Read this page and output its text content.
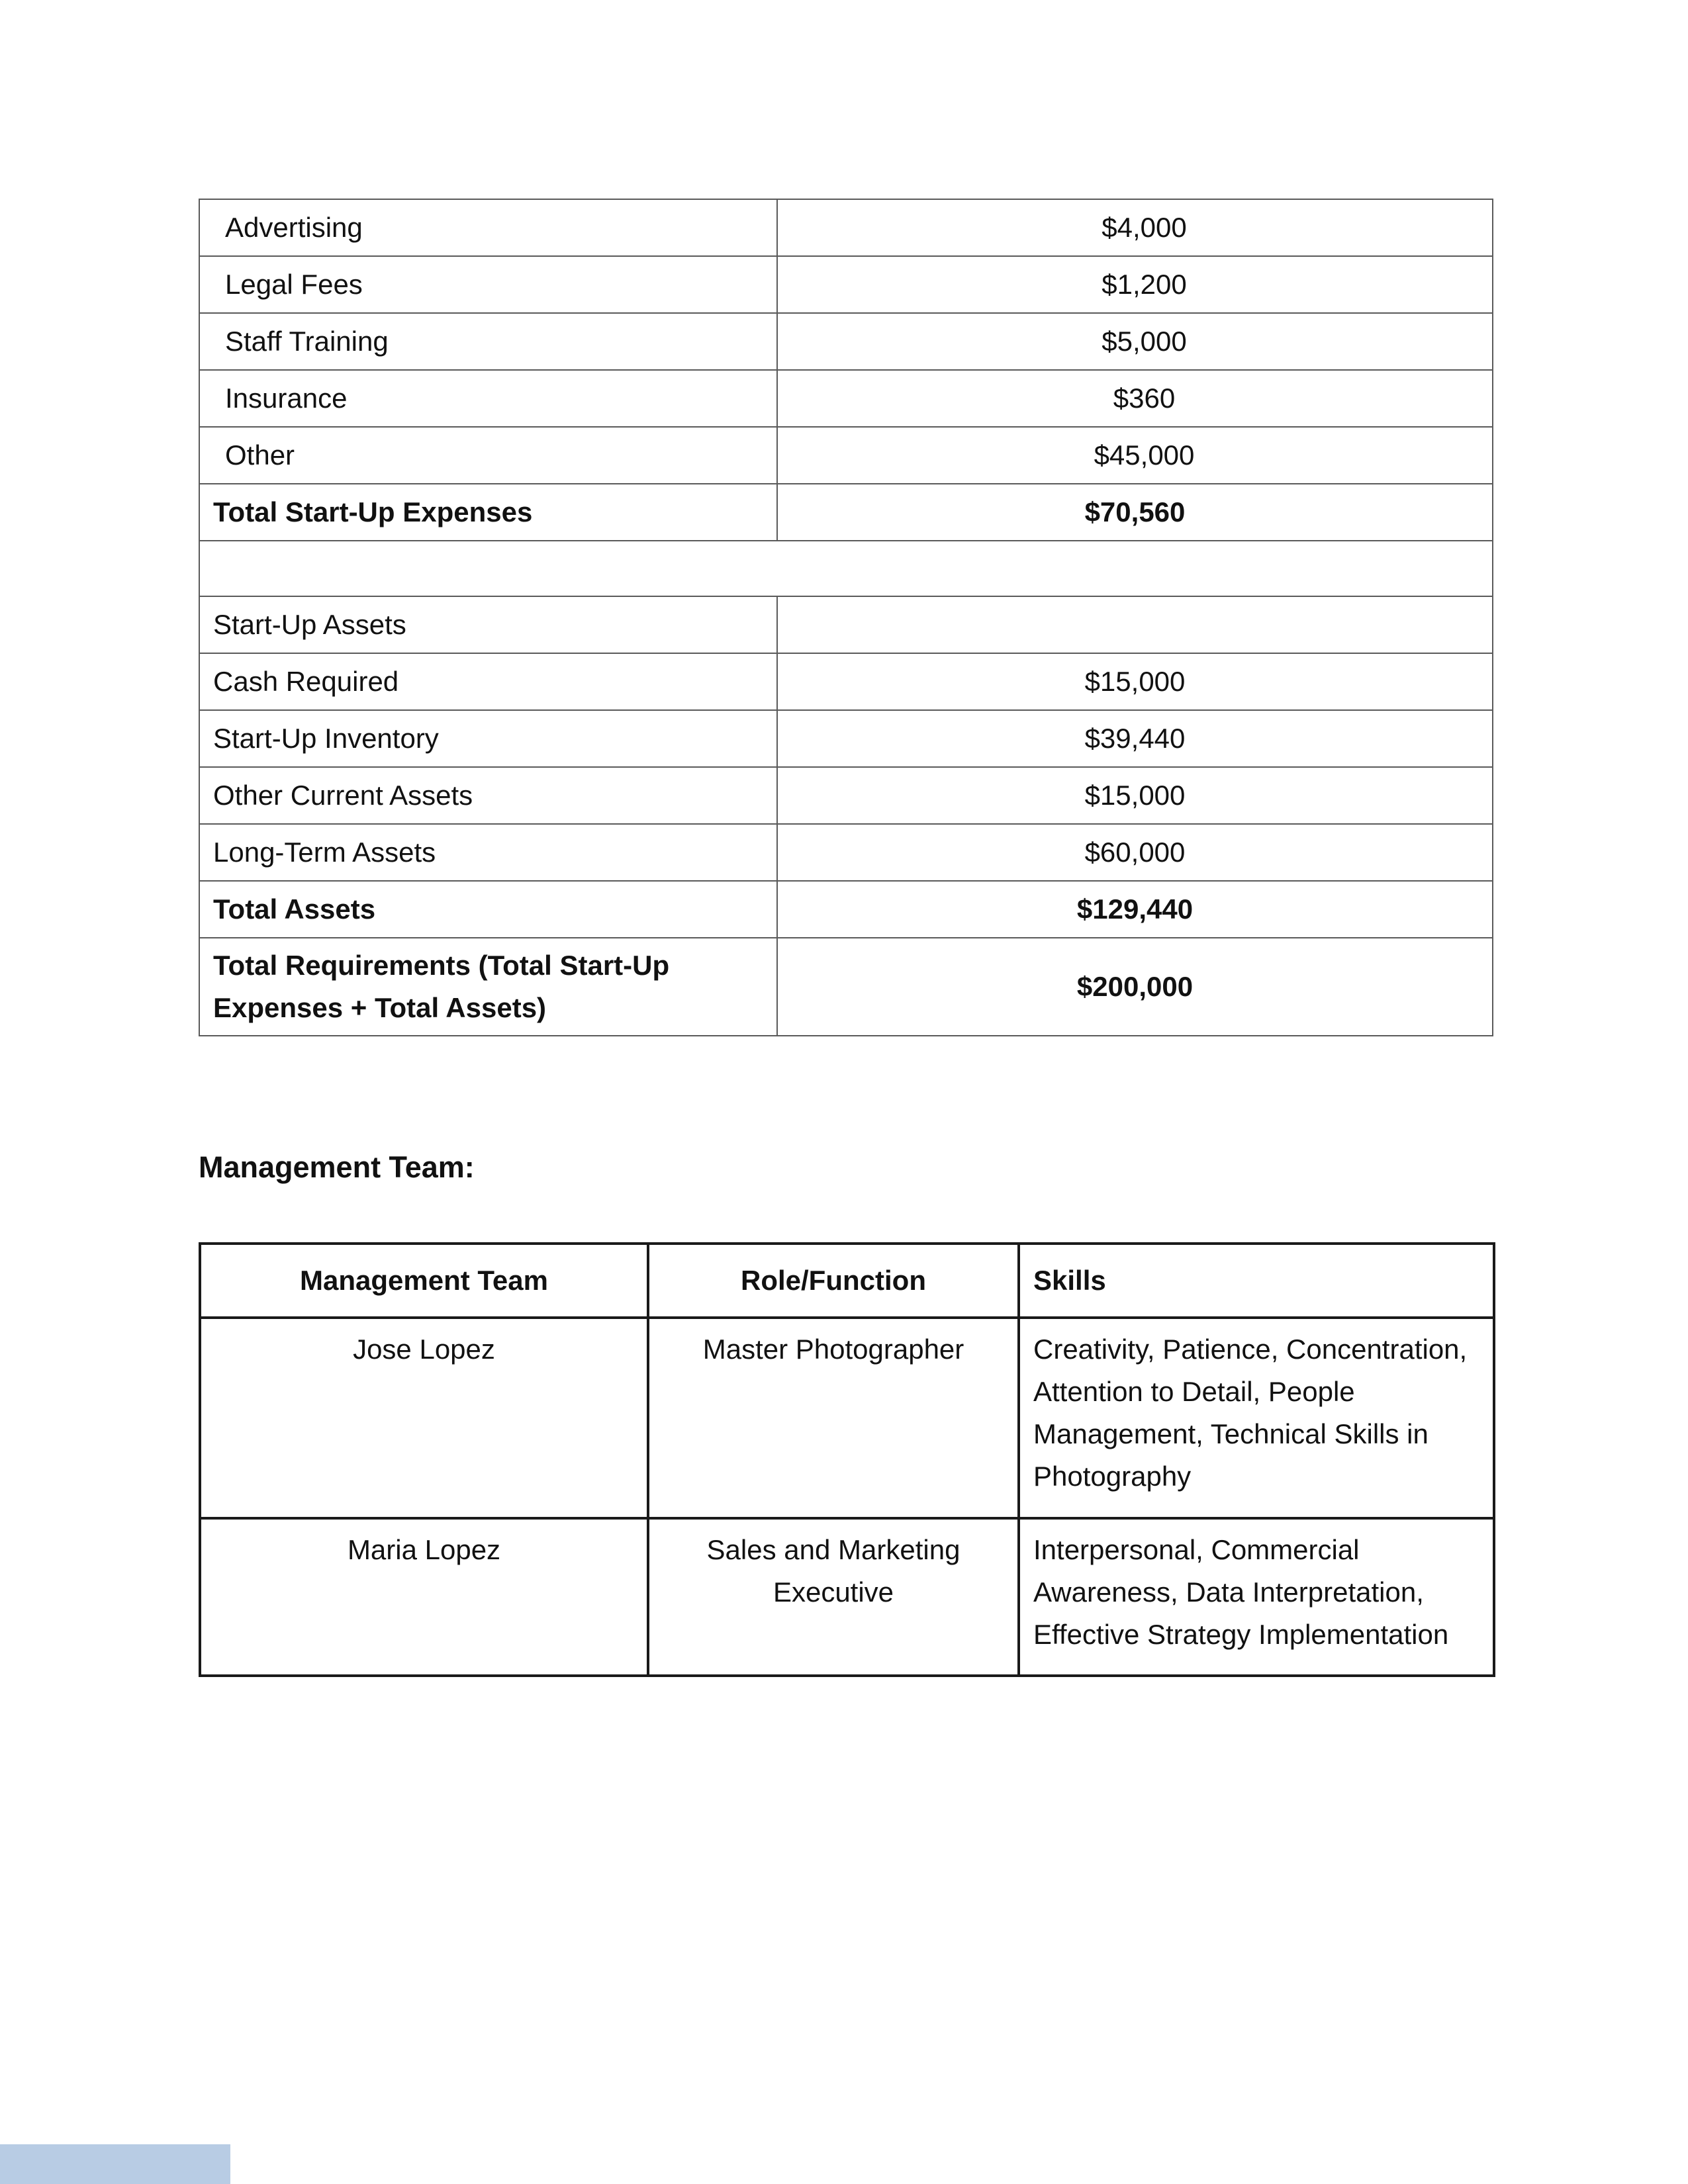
Advertising	$4,000
Legal Fees	$1,200
Staff Training	$5,000
Insurance	$360
Other	$45,000
Total Start-Up Expenses	$70,560

Start-Up Assets	
Cash Required	$15,000
Start-Up Inventory	$39,440
Other Current Assets	$15,000
Long-Term Assets	$60,000
Total Assets	$129,440
Total Requirements (Total Start-Up
Expenses + Total Assets)	$200,000
Management Team:
Management Team	Role/Function	Skills
Jose Lopez	Master Photographer	Creativity, Patience, Concentration,
Attention to Detail, People
Management, Technical Skills in
Photography
Maria Lopez	Sales and Marketing
Executive	Interpersonal, Commercial
Awareness, Data Interpretation,
Effective Strategy Implementation
